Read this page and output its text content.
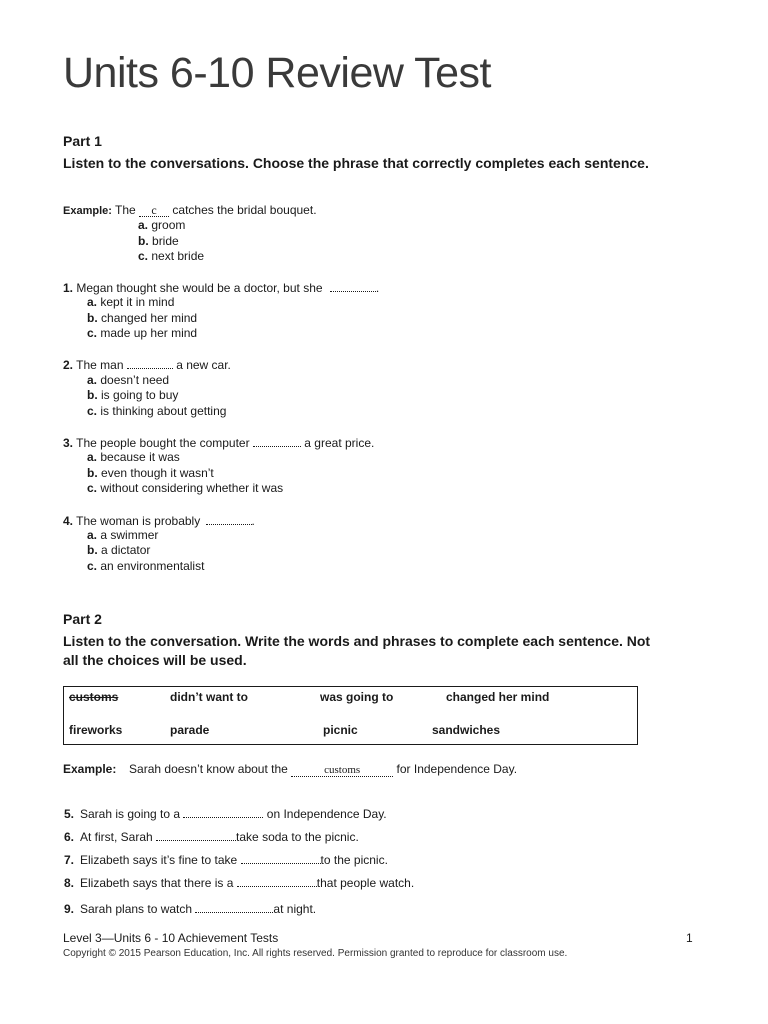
Units 6-10 Review Test
Part 1
Listen to the conversations. Choose the phrase that correctly completes each sentence.
Example: The c catches the bridal bouquet.
a. groom
b. bride
c. next bride
1. Megan thought she would be a doctor, but she	.
a. kept it in mind
b. changed her mind
c. made up her mind
2. The man	a new car.
a. doesn’t need
b. is going to buy
c. is thinking about getting
3. The people bought the computer	a great price.
a. because it was
b. even though it wasn’t
c. without considering whether it was
4. The woman is probably	.
a. a swimmer
b. a dictator
c. an environmentalist
Part 2
Listen to the conversation. Write the words and phrases to complete each sentence. Not
all the choices will be used.
customs	didn’t want to	was going to	changed her mind
fireworks	parade	picnic	sandwiches
Example: Sarah doesn’t know about the	customs	for Independence Day.
5. Sarah is going to a	on Independence Day.
6. At first, Sarah	take soda to the picnic.
7. Elizabeth says it’s fine to take	to the picnic.
8. Elizabeth says that there is a	that people watch.
9. Sarah plans to watch	at night.
Level 3—Units 6 - 10 Achievement Tests	1
Copyright © 2015 Pearson Education, Inc. All rights reserved. Permission granted to reproduce for classroom use.
